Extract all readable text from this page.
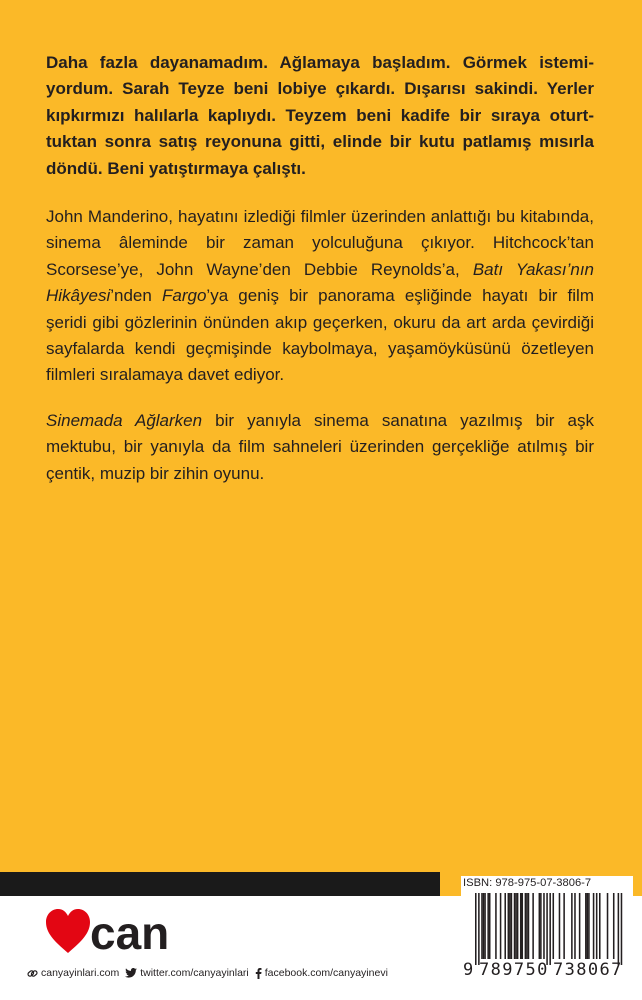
Daha fazla dayanamadım. Ağlamaya başladım. Görmek istemiyordum. Sarah Teyze beni lobiye çıkardı. Dışarısı sakindi. Yerler kıpkırmızı halılarla kaplıydı. Teyzem beni kadife bir sıraya oturttuktan sonra satış reyonuna gitti, elinde bir kutu patlamış mısırla döndü. Beni yatıştırmaya çalıştı.

John Manderino, hayatını izlediği filmler üzerinden anlattığı bu kitabında, sinema âleminde bir zaman yolculuğuna çıkıyor. Hitchcock’tan Scorsese’ye, John Wayne’den Debbie Reynolds’a, Batı Yakası’nın Hikâyesi’nden Fargo’ya geniş bir panorama eşliğinde hayatı bir film şeridi gibi gözlerinin önünden akıp geçerken, okuru da art arda çevirdiği sayfalarda kendi geçmişinde kaybolmaya, yaşamöyküsünü özetleyen filmleri sıralamaya davet ediyor.

Sinemada Ağlarken bir yanıyla sinema sanatına yazılmış bir aşk mektubu, bir yanıyla da film sahneleri üzerinden gerçekliğe atılmış bir çentik, muzip bir zihin oyunu.

can
canyayinlari.com twitter.com/canyayinlari facebook.com/canyayinevi
ISBN: 978-975-07-3806-7
9 789750 738067
